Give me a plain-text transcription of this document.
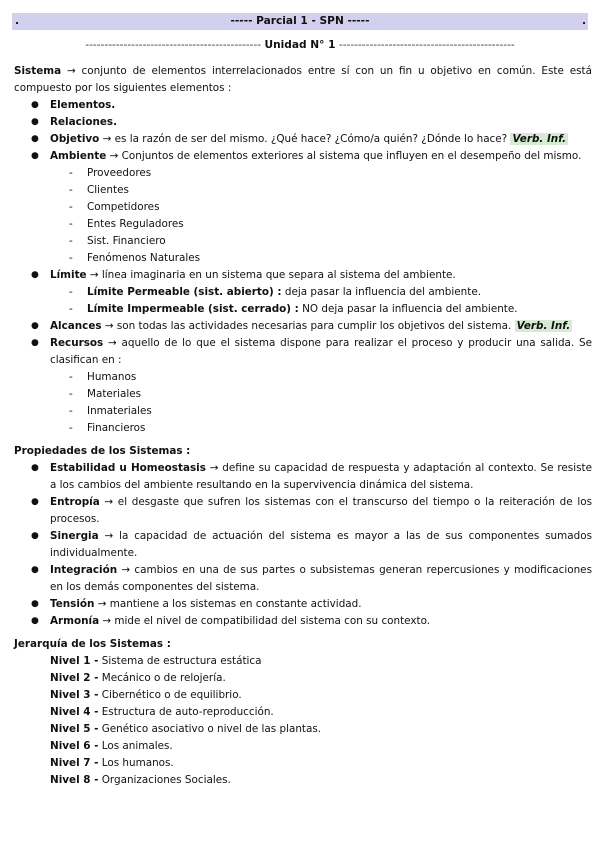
.	----- Parcial 1 - SPN -----	.
---------------------------------------------- Unidad N° 1 ----------------------------------------------

Sistema → conjunto de elementos interrelacionados entre sí con un fin u objetivo en común. Este está compuesto por los siguientes elementos :

● Elementos.
● Relaciones.
● Objetivo → es la razón de ser del mismo. ¿Qué hace? ¿Cómo/a quién? ¿Dónde lo hace? Verb. Inf.
● Ambiente → Conjuntos de elementos exteriores al sistema que influyen en el desempeño del mismo.
- Proveedores
- Clientes
- Competidores
- Entes Reguladores
- Sist. Financiero
- Fenómenos Naturales
● Límite → línea imaginaria en un sistema que separa al sistema del ambiente.
- Límite Permeable (sist. abierto) : deja pasar la influencia del ambiente.
- Límite Impermeable (sist. cerrado) : NO deja pasar la influencia del ambiente.
● Alcances → son todas las actividades necesarias para cumplir los objetivos del sistema. Verb. Inf.
● Recursos → aquello de lo que el sistema dispone para realizar el proceso y producir una salida. Se clasifican en :
- Humanos
- Materiales
- Inmateriales
- Financieros

Propiedades de los Sistemas :

● Estabilidad u Homeostasis → define su capacidad de respuesta y adaptación al contexto. Se resiste a los cambios del ambiente resultando en la supervivencia dinámica del sistema.
● Entropía → el desgaste que sufren los sistemas con el transcurso del tiempo o la reiteración de los procesos.
● Sinergia → la capacidad de actuación del sistema es mayor a las de sus componentes sumados individualmente.
● Integración → cambios en una de sus partes o subsistemas generan repercusiones y modificaciones en los demás componentes del sistema.
● Tensión → mantiene a los sistemas en constante actividad.
● Armonía → mide el nivel de compatibilidad del sistema con su contexto.

Jerarquía de los Sistemas :

Nivel 1 - Sistema de estructura estática

Nivel 2 - Mecánico o de relojería.

Nivel 3 - Cibernético o de equilibrio.

Nivel 4 - Estructura de auto-reproducción.

Nivel 5 - Genético asociativo o nivel de las plantas.

Nivel 6 - Los animales.

Nivel 7 - Los humanos.

Nivel 8 - Organizaciones Sociales.
